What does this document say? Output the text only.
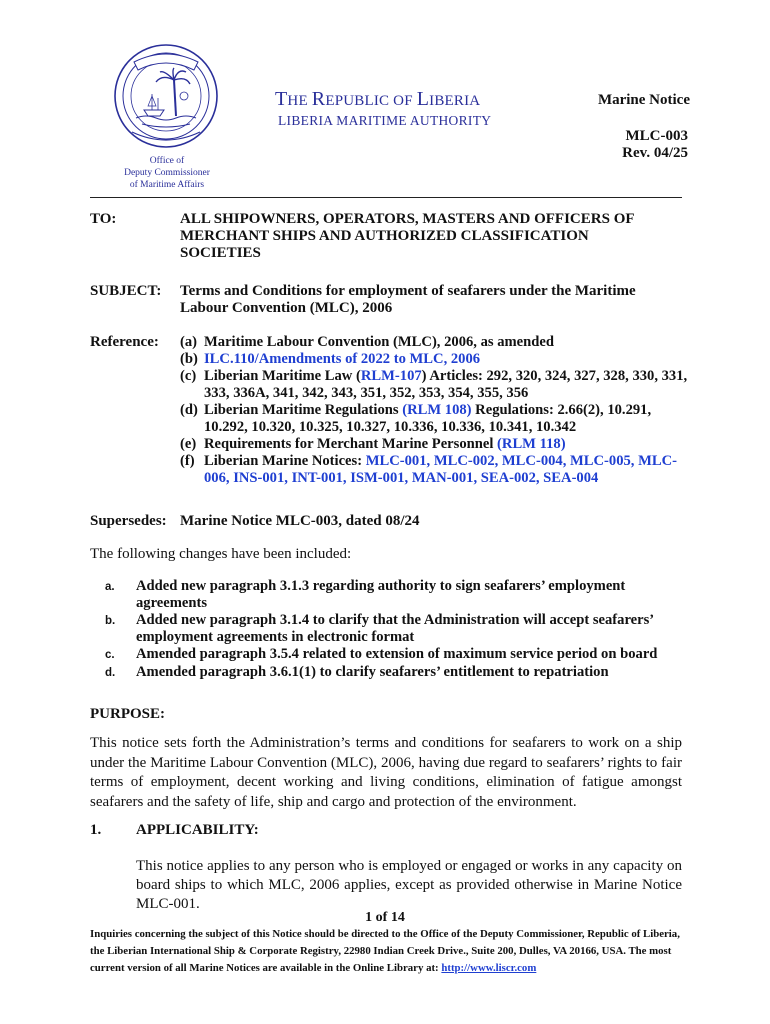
Office of
Deputy Commissioner
of Maritime Affairs
THE REPUBLIC OF LIBERIA
LIBERIA MARITIME AUTHORITY
Marine Notice
MLC-003
Rev. 04/25
TO:	ALL SHIPOWNERS, OPERATORS, MASTERS AND OFFICERS OF
MERCHANT SHIPS AND AUTHORIZED CLASSIFICATION
SOCIETIES
SUBJECT: Terms and Conditions for employment of seafarers under the Maritime
Labour Convention (MLC), 2006
Reference: (a) Maritime Labour Convention (MLC), 2006, as amended
(b) ILC.110/Amendments of 2022 to MLC, 2006
(c) Liberian Maritime Law (RLM-107) Articles: 292, 320, 324, 327, 328, 330, 331, 333, 336A, 341, 342, 343, 351, 352, 353, 354, 355, 356
(d) Liberian Maritime Regulations (RLM 108) Regulations: 2.66(2), 10.291, 10.292, 10.320, 10.325, 10.327, 10.336, 10.336, 10.341, 10.342
(e) Requirements for Merchant Marine Personnel (RLM 118)
(f) Liberian Marine Notices: MLC-001, MLC-002, MLC-004, MLC-005, MLC-006, INS-001, INT-001, ISM-001, MAN-001, SEA-002, SEA-004
Supersedes: Marine Notice MLC-003, dated 08/24
The following changes have been included:
a.	Added new paragraph 3.1.3 regarding authority to sign seafarers’ employment agreements
b.	Added new paragraph 3.1.4 to clarify that the Administration will accept seafarers’ employment agreements in electronic format
c.	Amended paragraph 3.5.4 related to extension of maximum service period on board
d.	Amended paragraph 3.6.1(1) to clarify seafarers’ entitlement to repatriation
PURPOSE:
This notice sets forth the Administration’s terms and conditions for seafarers to work on a ship under the Maritime Labour Convention (MLC), 2006, having due regard to seafarers’ rights to fair terms of employment, decent working and living conditions, elimination of fatigue amongst seafarers and the safety of life, ship and cargo and protection of the environment.
1. APPLICABILITY:
This notice applies to any person who is employed or engaged or works in any capacity on board ships to which MLC, 2006 applies, except as provided otherwise in Marine Notice MLC-001.
1 of 14
Inquiries concerning the subject of this Notice should be directed to the Office of the Deputy Commissioner, Republic of Liberia, the Liberian International Ship & Corporate Registry, 22980 Indian Creek Drive., Suite 200, Dulles, VA 20166, USA. The most current version of all Marine Notices are available in the Online Library at: http://www.liscr.com
